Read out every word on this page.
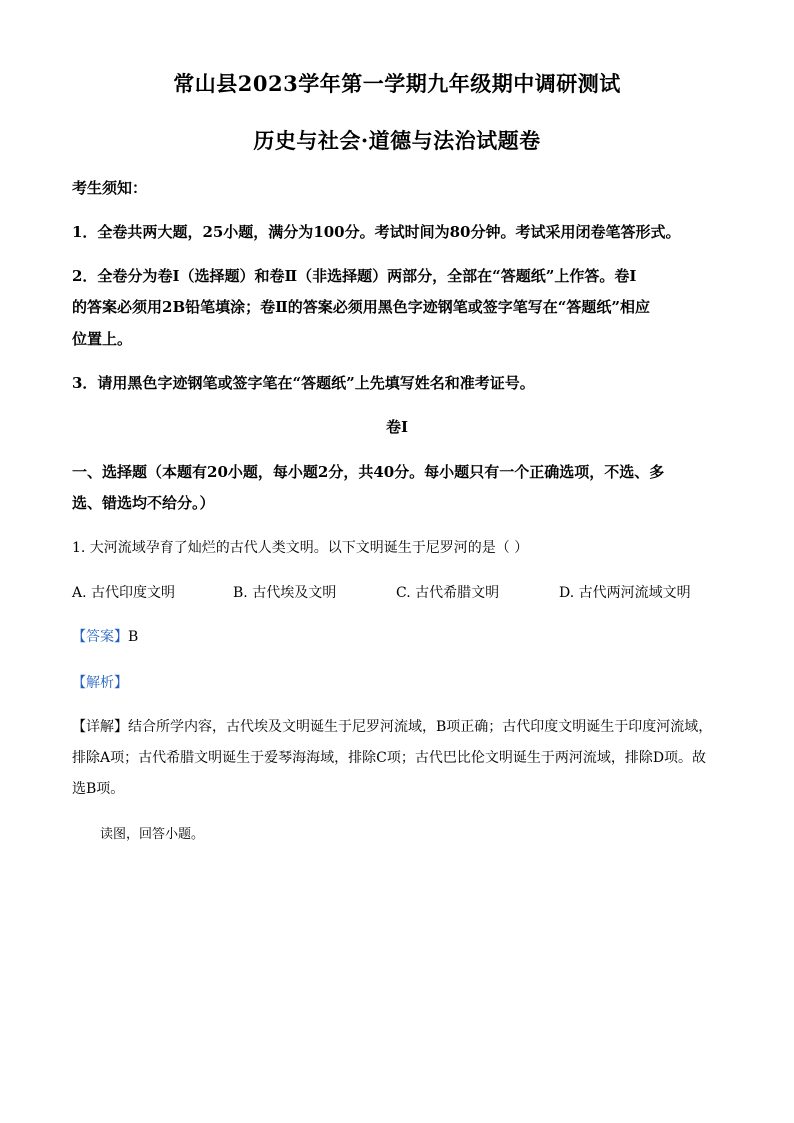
常山县2023学年第一学期九年级期中调研测试
历史与社会·道德与法治试题卷
考生须知：
1．全卷共两大题，25小题，满分为100分。考试时间为80分钟。考试采用闭卷笔答形式。
2．全卷分为卷Ⅰ（选择题）和卷Ⅱ（非选择题）两部分，全部在“答题纸”上作答。卷Ⅰ
的答案必须用2B铅笔填涂；卷Ⅱ的答案必须用黑色字迹钢笔或签字笔写在“答题纸”相应
位置上。
3．请用黑色字迹钢笔或签字笔在“答题纸”上先填写姓名和准考证号。
卷Ⅰ
一、选择题（本题有20小题，每小题2分，共40分。每小题只有一个正确选项，不选、多
选、错选均不给分。）
1. 大河流域孕育了灿烂的古代人类文明。以下文明诞生于尼罗河的是（ ）
A. 古代印度文明	B. 古代埃及文明	C. 古代希腊文明	D. 古代两河流域文明
【答案】B
【解析】
【详解】结合所学内容，古代埃及文明诞生于尼罗河流域，B项正确；古代印度文明诞生于印度河流域，
排除A项；古代希腊文明诞生于爱琴海海域，排除C项；古代巴比伦文明诞生于两河流域，排除D项。故
选B项。
读图，回答小题。
